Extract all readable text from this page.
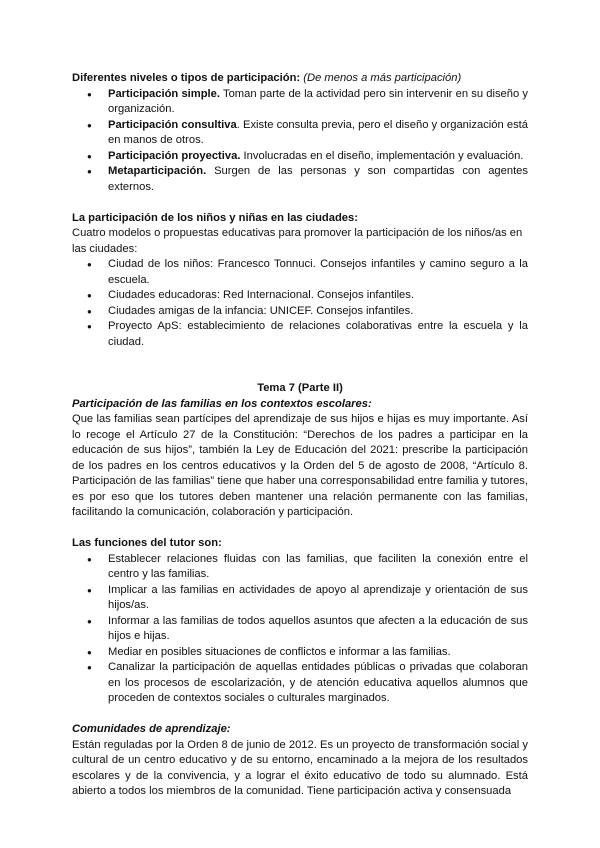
Diferentes niveles o tipos de participación: (De menos a más participación)

● Participación simple. Toman parte de la actividad pero sin intervenir en su diseño y organización.
● Participación consultiva. Existe consulta previa, pero el diseño y organización está en manos de otros.
● Participación proyectiva. Involucradas en el diseño, implementación y evaluación.
● Metaparticipación. Surgen de las personas y son compartidas con agentes externos.

La participación de los niños y niñas en las ciudades:

Cuatro modelos o propuestas educativas para promover la participación de los niños/as en las ciudades:

● Ciudad de los niños: Francesco Tonnuci. Consejos infantiles y camino seguro a la escuela.
● Ciudades educadoras: Red Internacional. Consejos infantiles.
● Ciudades amigas de la infancia: UNICEF. Consejos infantiles.
● Proyecto ApS: establecimiento de relaciones colaborativas entre la escuela y la ciudad.

Tema 7 (Parte II)

Participación de las familias en los contextos escolares:

Que las familias sean partícipes del aprendizaje de sus hijos e hijas es muy importante. Así lo recoge el Artículo 27 de la Constitución: “Derechos de los padres a participar en la educación de sus hijos”, también la Ley de Educación del 2021: prescribe la participación de los padres en los centros educativos y la Orden del 5 de agosto de 2008, “Artículo 8. Participación de las familias” tiene que haber una corresponsabilidad entre familia y tutores, es por eso que los tutores deben mantener una relación permanente con las familias, facilitando la comunicación, colaboración y participación.

Las funciones del tutor son:

● Establecer relaciones fluidas con las familias, que faciliten la conexión entre el centro y las familias.
● Implicar a las familias en actividades de apoyo al aprendizaje y orientación de sus hijos/as.
● Informar a las familias de todos aquellos asuntos que afecten a la educación de sus hijos e hijas.
● Mediar en posibles situaciones de conflictos e informar a las familias.
● Canalizar la participación de aquellas entidades públicas o privadas que colaboran en los procesos de escolarización, y de atención educativa aquellos alumnos que proceden de contextos sociales o culturales marginados.

Comunidades de aprendizaje:

Están reguladas por la Orden 8 de junio de 2012. Es un proyecto de transformación social y cultural de un centro educativo y de su entorno, encaminado a la mejora de los resultados escolares y de la convivencia, y a lograr el éxito educativo de todo su alumnado. Está abierto a todos los miembros de la comunidad. Tiene participación activa y consensuada
